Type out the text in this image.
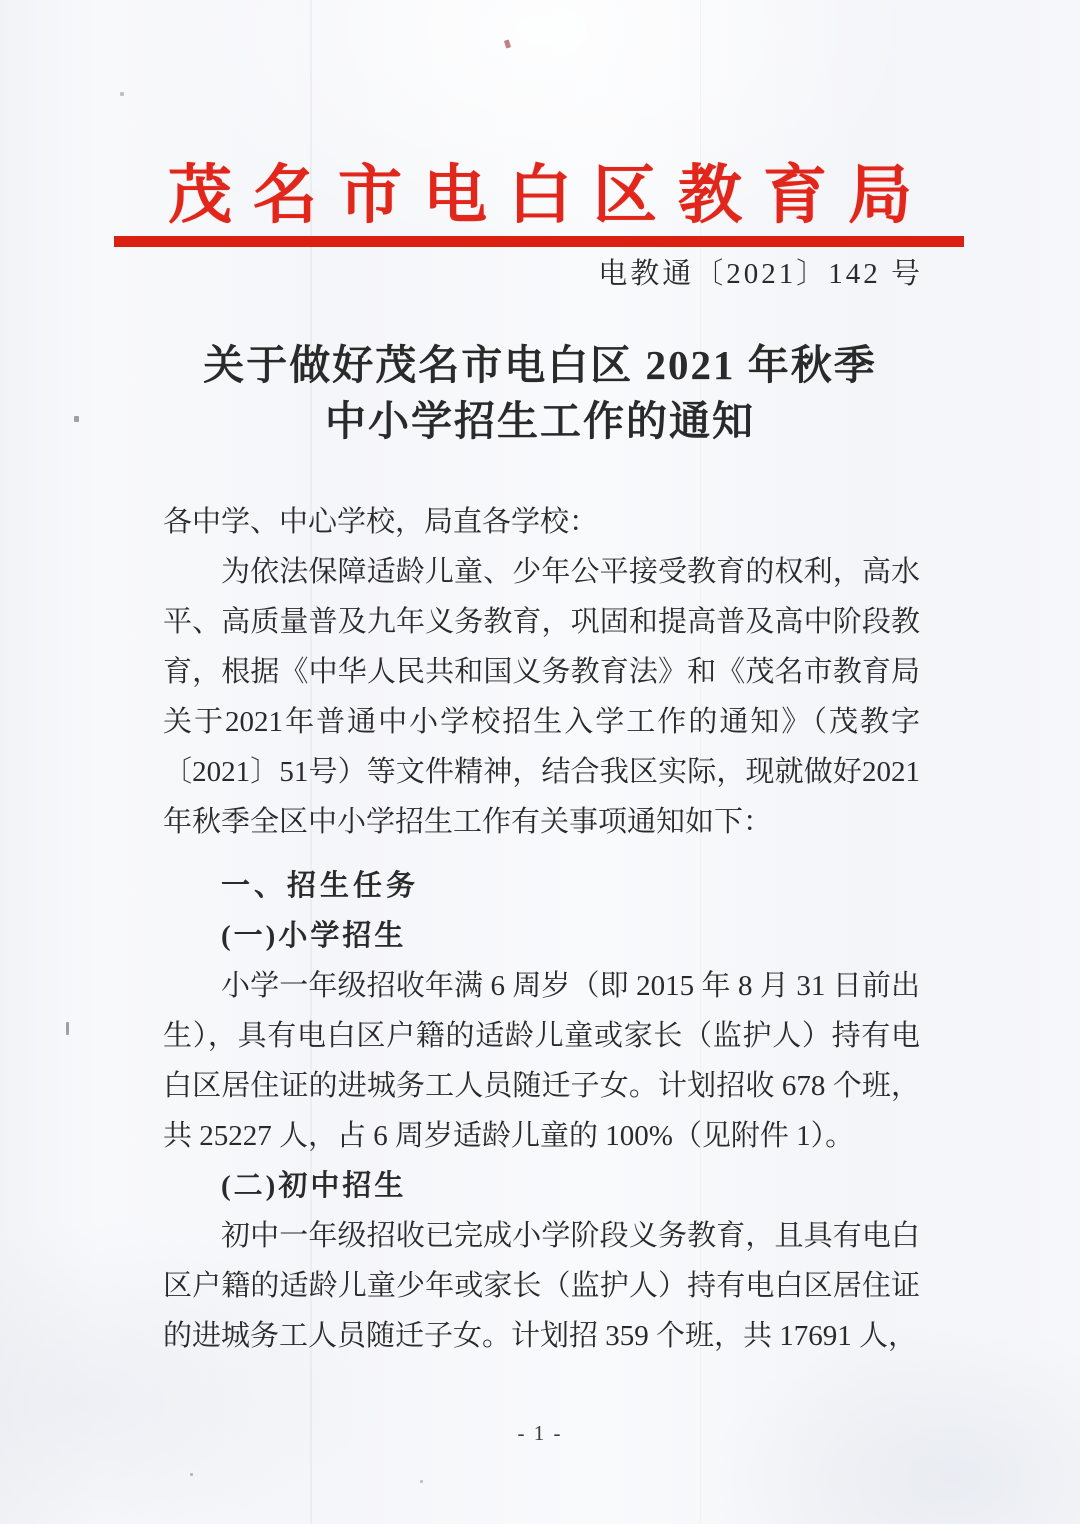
茂名市电白区教育局
电教通〔2021〕142 号
关于做好茂名市电白区 2021 年秋季
中小学招生工作的通知
各中学、中心学校，局直各学校：
为依法保障适龄儿童、少年公平接受教育的权利，高水平、高质量普及九年义务教育，巩固和提高普及高中阶段教育，根据《中华人民共和国义务教育法》和《茂名市教育局关于2021年普通中小学校招生入学工作的通知》（茂教字〔2021〕51号）等文件精神，结合我区实际，现就做好2021年秋季全区中小学招生工作有关事项通知如下：
一、招生任务
(一)小学招生
小学一年级招收年满 6 周岁（即 2015 年 8 月 31 日前出生），具有电白区户籍的适龄儿童或家长（监护人）持有电白区居住证的进城务工人员随迁子女。计划招收 678 个班，共 25227 人，占 6 周岁适龄儿童的 100%（见附件 1）。
(二)初中招生
初中一年级招收已完成小学阶段义务教育，且具有电白区户籍的适龄儿童少年或家长（监护人）持有电白区居住证的进城务工人员随迁子女。计划招 359 个班，共 17691 人，
- 1 -
